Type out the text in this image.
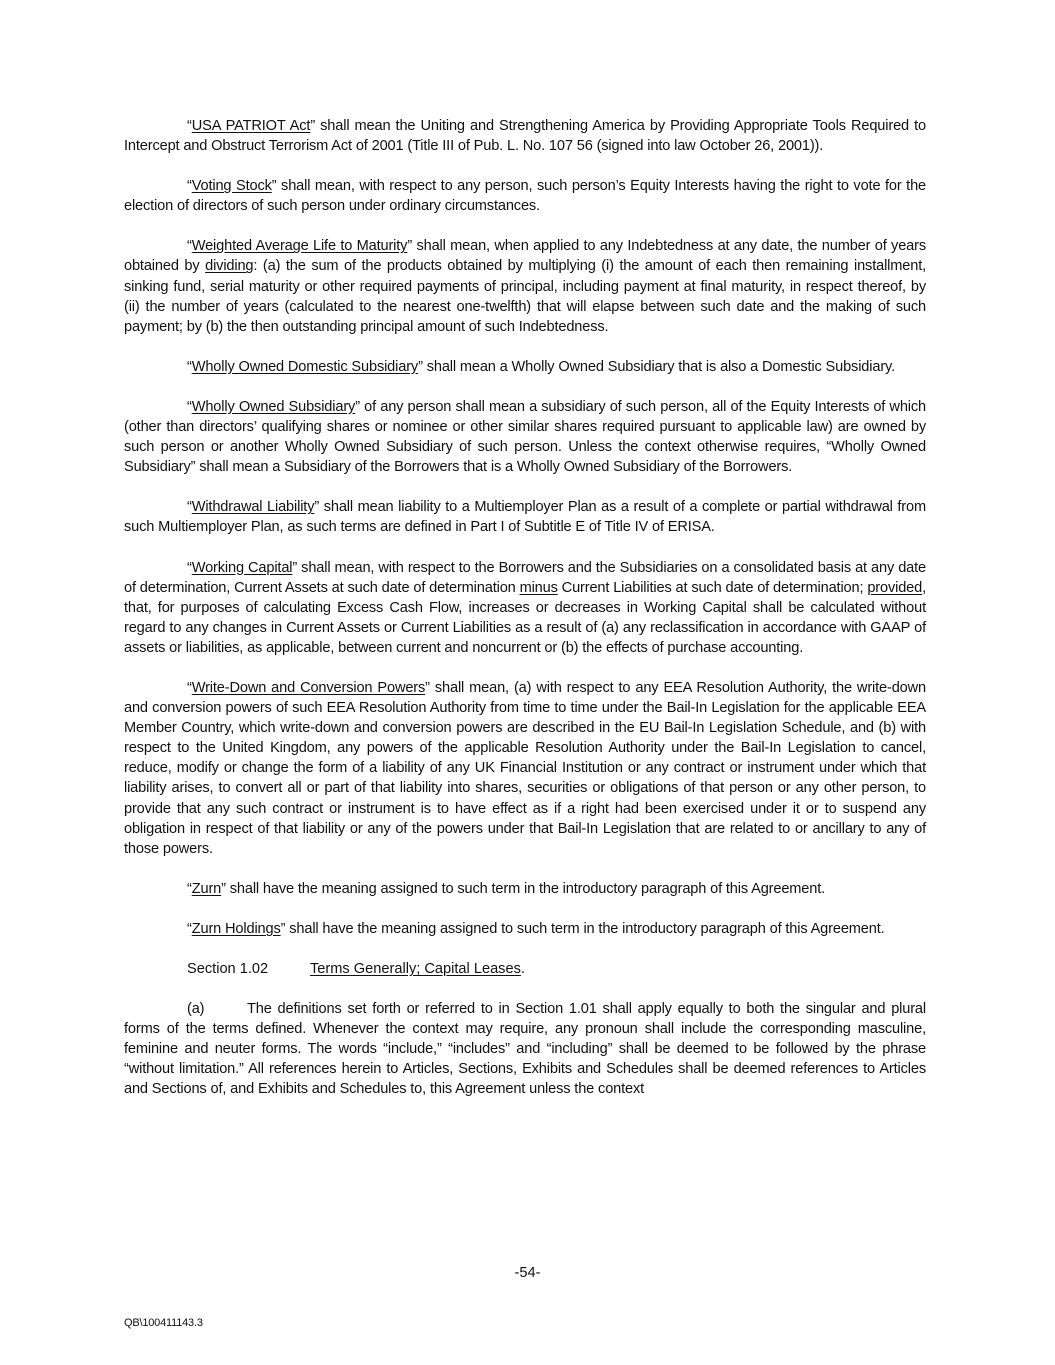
“USA PATRIOT Act” shall mean the Uniting and Strengthening America by Providing Appropriate Tools Required to Intercept and Obstruct Terrorism Act of 2001 (Title III of Pub. L. No. 107 56 (signed into law October 26, 2001)).

“Voting Stock” shall mean, with respect to any person, such person’s Equity Interests having the right to vote for the election of directors of such person under ordinary circumstances.

“Weighted Average Life to Maturity” shall mean, when applied to any Indebtedness at any date, the number of years obtained by dividing: (a) the sum of the products obtained by multiplying (i) the amount of each then remaining installment, sinking fund, serial maturity or other required payments of principal, including payment at final maturity, in respect thereof, by (ii) the number of years (calculated to the nearest one-twelfth) that will elapse between such date and the making of such payment; by (b) the then outstanding principal amount of such Indebtedness.

“Wholly Owned Domestic Subsidiary” shall mean a Wholly Owned Subsidiary that is also a Domestic Subsidiary.

“Wholly Owned Subsidiary” of any person shall mean a subsidiary of such person, all of the Equity Interests of which (other than directors’ qualifying shares or nominee or other similar shares required pursuant to applicable law) are owned by such person or another Wholly Owned Subsidiary of such person. Unless the context otherwise requires, “Wholly Owned Subsidiary” shall mean a Subsidiary of the Borrowers that is a Wholly Owned Subsidiary of the Borrowers.

“Withdrawal Liability” shall mean liability to a Multiemployer Plan as a result of a complete or partial withdrawal from such Multiemployer Plan, as such terms are defined in Part I of Subtitle E of Title IV of ERISA.

“Working Capital” shall mean, with respect to the Borrowers and the Subsidiaries on a consolidated basis at any date of determination, Current Assets at such date of determination minus Current Liabilities at such date of determination; provided, that, for purposes of calculating Excess Cash Flow, increases or decreases in Working Capital shall be calculated without regard to any changes in Current Assets or Current Liabilities as a result of (a) any reclassification in accordance with GAAP of assets or liabilities, as applicable, between current and noncurrent or (b) the effects of purchase accounting.

“Write-Down and Conversion Powers” shall mean, (a) with respect to any EEA Resolution Authority, the write-down and conversion powers of such EEA Resolution Authority from time to time under the Bail-In Legislation for the applicable EEA Member Country, which write-down and conversion powers are described in the EU Bail-In Legislation Schedule, and (b) with respect to the United Kingdom, any powers of the applicable Resolution Authority under the Bail-In Legislation to cancel, reduce, modify or change the form of a liability of any UK Financial Institution or any contract or instrument under which that liability arises, to convert all or part of that liability into shares, securities or obligations of that person or any other person, to provide that any such contract or instrument is to have effect as if a right had been exercised under it or to suspend any obligation in respect of that liability or any of the powers under that Bail-In Legislation that are related to or ancillary to any of those powers.

“Zurn” shall have the meaning assigned to such term in the introductory paragraph of this Agreement.

“Zurn Holdings” shall have the meaning assigned to such term in the introductory paragraph of this Agreement.

Section 1.02	Terms Generally; Capital Leases.

(a)	The definitions set forth or referred to in Section 1.01 shall apply equally to both the singular and plural forms of the terms defined. Whenever the context may require, any pronoun shall include the corresponding masculine, feminine and neuter forms. The words “include,” “includes” and “including” shall be deemed to be followed by the phrase “without limitation.” All references herein to Articles, Sections, Exhibits and Schedules shall be deemed references to Articles and Sections of, and Exhibits and Schedules to, this Agreement unless the context

-54-
QB\100411143.3
